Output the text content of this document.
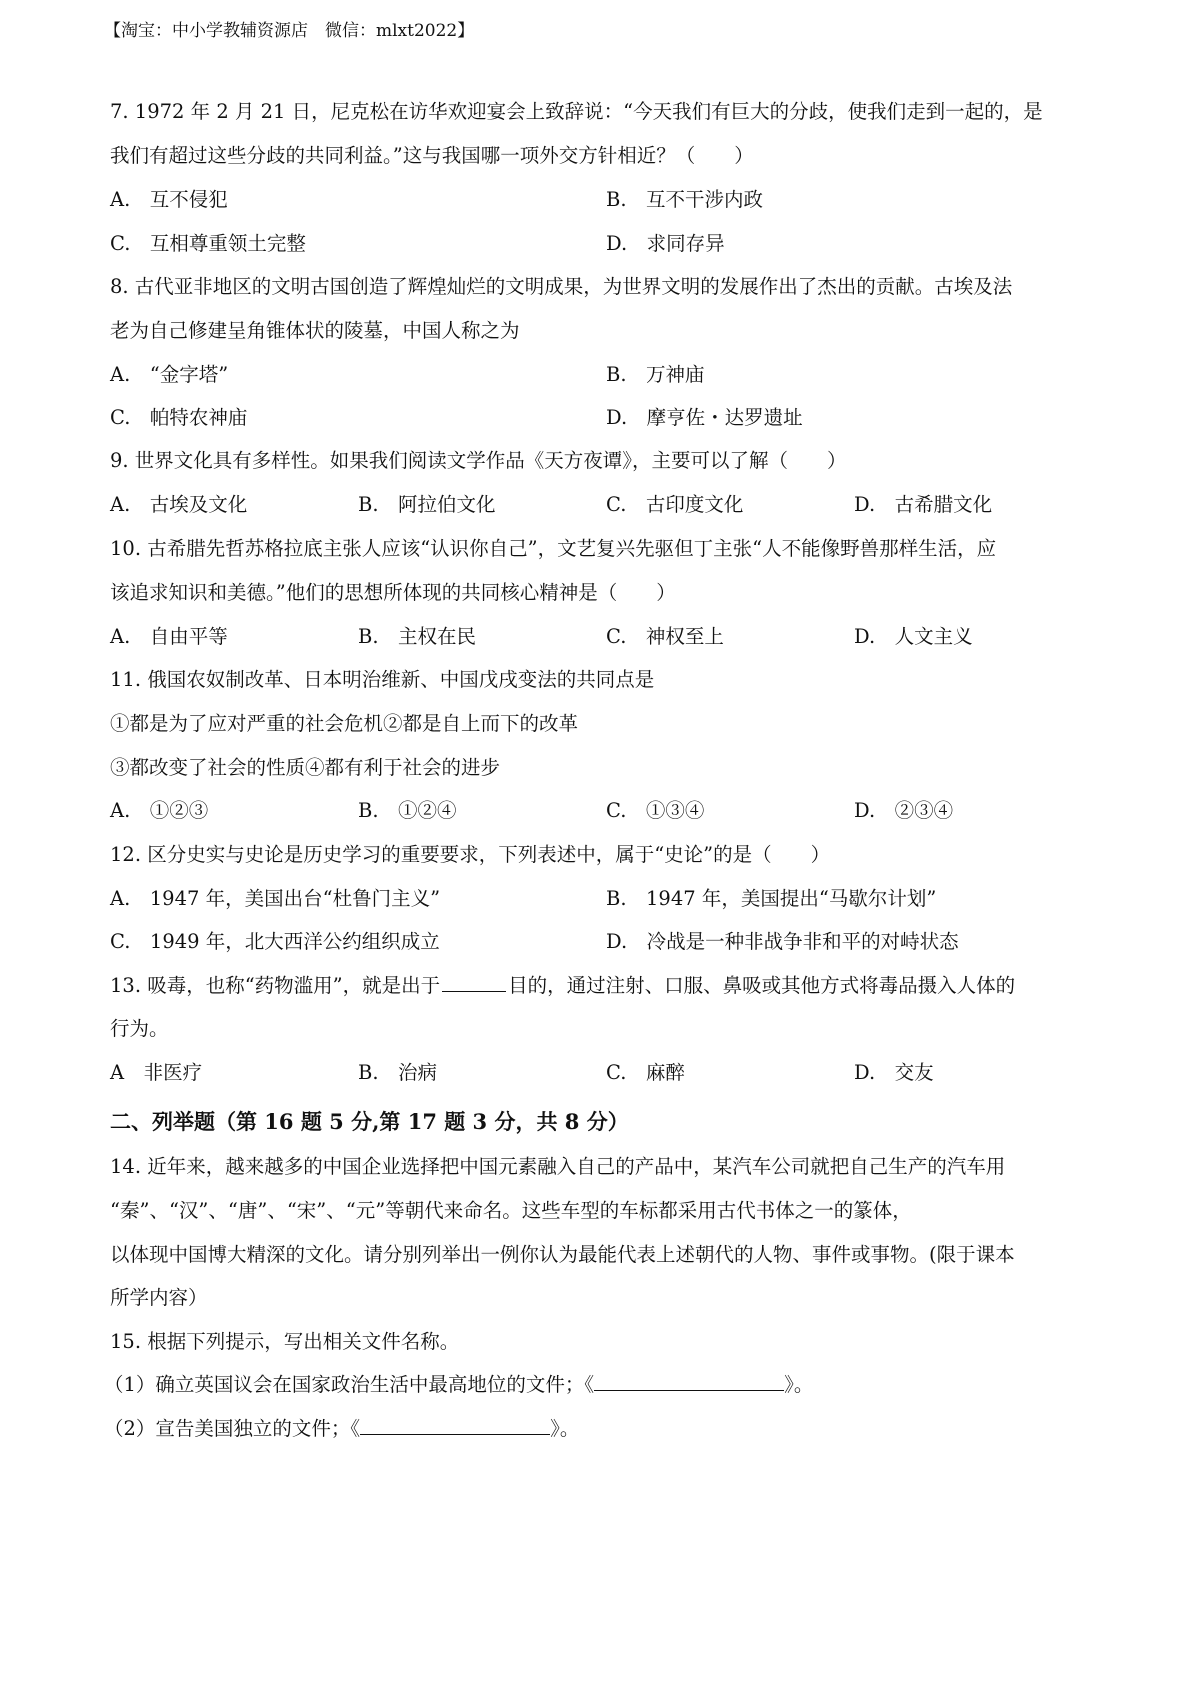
【淘宝：中小学教辅资源店　微信：mlxt2022】
7. 1972 年 2 月 21 日，尼克松在访华欢迎宴会上致辞说：“今天我们有巨大的分歧，使我们走到一起的，是
我们有超过这些分歧的共同利益。”这与我国哪一项外交方针相近？（　　）
A.　互不侵犯	B.　互不干涉内政
C.　互相尊重领土完整	D.　求同存异
8. 古代亚非地区的文明古国创造了辉煌灿烂的文明成果，为世界文明的发展作出了杰出的贡献。古埃及法
老为自己修建呈角锥体状的陵墓，中国人称之为
A.　“金字塔”	B.　万神庙
C.　帕特农神庙	D.　摩亨佐・达罗遗址
9. 世界文化具有多样性。如果我们阅读文学作品《天方夜谭》，主要可以了解（　　）
A.　古埃及文化	B.　阿拉伯文化	C.　古印度文化	D.　古希腊文化
10. 古希腊先哲苏格拉底主张人应该“认识你自己”，文艺复兴先驱但丁主张“人不能像野兽那样生活，应
该追求知识和美德。”他们的思想所体现的共同核心精神是（　　）
A.　自由平等	B.　主权在民	C.　神权至上	D.　人文主义
11. 俄国农奴制改革、日本明治维新、中国戊戌变法的共同点是
①都是为了应对严重的社会危机②都是自上而下的改革
③都改变了社会的性质④都有利于社会的进步
A.　①②③	B.　①②④	C.　①③④	D.　②③④
12. 区分史实与史论是历史学习的重要要求，下列表述中，属于“史论”的是（　　）
A.　1947 年，美国出台“杜鲁门主义”	B.　1947 年，美国提出“马歇尔计划”
C.　1949 年，北大西洋公约组织成立	D.　冷战是一种非战争非和平的对峙状态
13. 吸毒，也称“药物滥用”，就是出于	目的，通过注射、口服、鼻吸或其他方式将毒品摄入人体的
行为。
A　非医疗	B.　治病	C.　麻醉	D.　交友
二、列举题（第 16 题 5 分,第 17 题 3 分，共 8 分）
14. 近年来，越来越多的中国企业选择把中国元素融入自己的产品中，某汽车公司就把自己生产的汽车用
“秦”、“汉”、“唐”、“宋”、“元”等朝代来命名。这些车型的车标都采用古代书体之一的篆体，
以体现中国博大精深的文化。请分别列举出一例你认为最能代表上述朝代的人物、事件或事物。(限于课本
所学内容）
15. 根据下列提示，写出相关文件名称。
（1）确立英国议会在国家政治生活中最高地位的文件；《	》。
（2）宣告美国独立的文件；《	》。
